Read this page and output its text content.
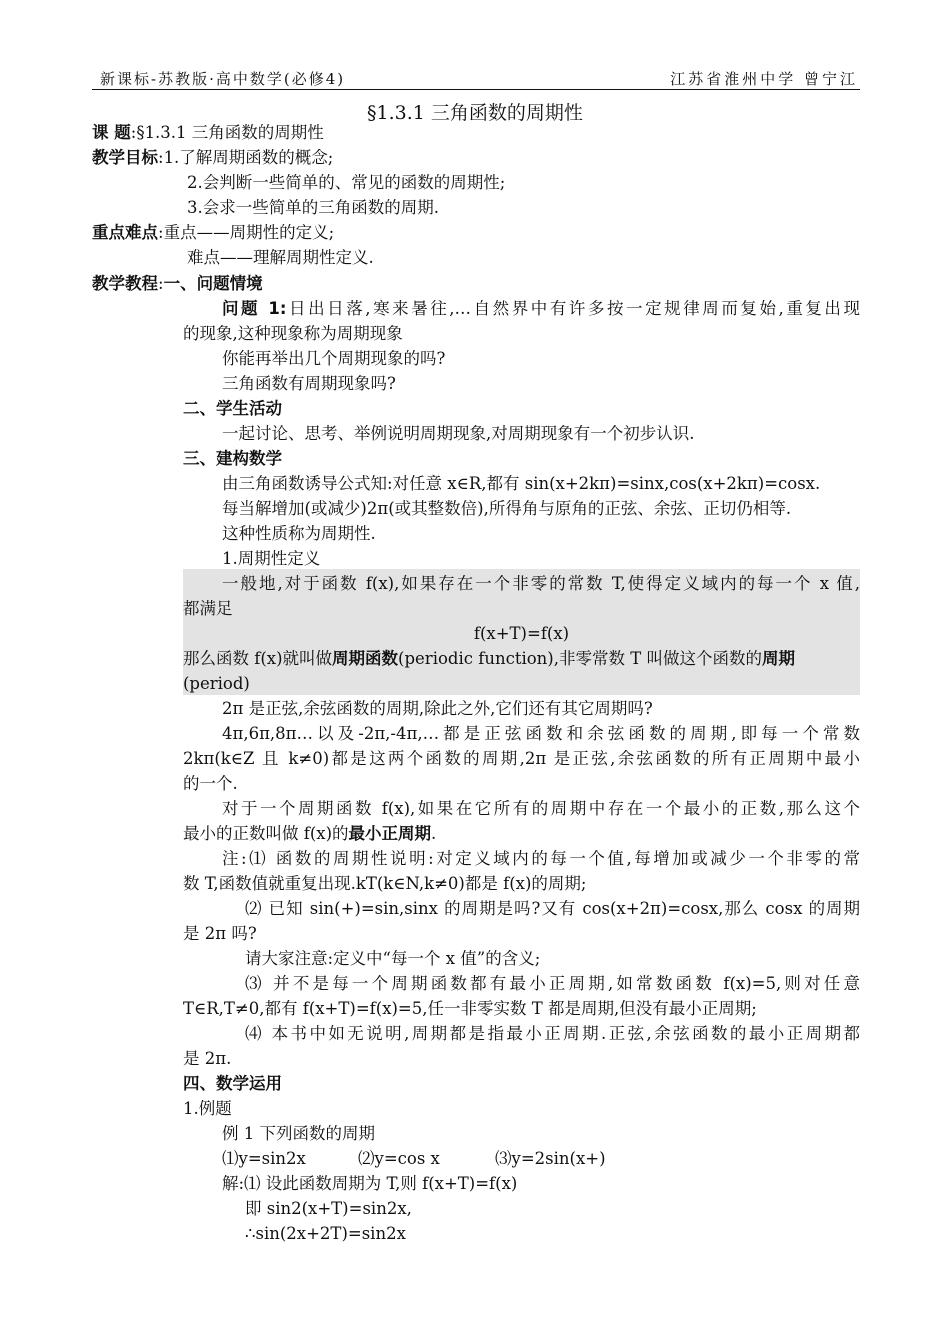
新课标-苏教版·高中数学(必修4)	江苏省淮州中学 曾宁江
§1.3.1 三角函数的周期性
课 题:§1.3.1 三角函数的周期性
教学目标:1.了解周期函数的概念;
2.会判断一些简单的、常见的函数的周期性;
3.会求一些简单的三角函数的周期.
重点难点:重点——周期性的定义;
难点——理解周期性定义.
教学教程:一、问题情境
问题 1:日出日落,寒来暑往,…自然界中有许多按一定规律周而复始,重复出现
的现象,这种现象称为周期现象
你能再举出几个周期现象的吗?
三角函数有周期现象吗?
二、学生活动
一起讨论、思考、举例说明周期现象,对周期现象有一个初步认识.
三、建构数学
由三角函数诱导公式知:对任意 x∈R,都有 sin(x+2kπ)=sinx,cos(x+2kπ)=cosx.
每当解增加(或减少)2π(或其整数倍),所得角与原角的正弦、余弦、正切仍相等.
这种性质称为周期性.
1.周期性定义
一般地,对于函数 f(x),如果存在一个非零的常数 T,使得定义域内的每一个 x 值,
都满足
f(x+T)=f(x)
那么函数 f(x)就叫做周期函数(periodic function),非零常数 T 叫做这个函数的周期
(period)
2π 是正弦,余弦函数的周期,除此之外,它们还有其它周期吗?
4π,6π,8π…以及-2π,-4π,…都是正弦函数和余弦函数的周期,即每一个常数
2kπ(k∈Z 且 k≠0)都是这两个函数的周期,2π 是正弦,余弦函数的所有正周期中最小
的一个.
对于一个周期函数 f(x),如果在它所有的周期中存在一个最小的正数,那么这个
最小的正数叫做 f(x)的最小正周期.
注:⑴ 函数的周期性说明:对定义域内的每一个值,每增加或减少一个非零的常
数 T,函数值就重复出现.kT(k∈N,k≠0)都是 f(x)的周期;
⑵ 已知 sin(+)=sin,sinx 的周期是吗?又有 cos(x+2π)=cosx,那么 cosx 的周期
是 2π 吗?
请大家注意:定义中“每一个 x 值”的含义;
⑶ 并不是每一个周期函数都有最小正周期,如常数函数 f(x)=5,则对任意
T∈R,T≠0,都有 f(x+T)=f(x)=5,任一非零实数 T 都是周期,但没有最小正周期;
⑷ 本书中如无说明,周期都是指最小正周期.正弦,余弦函数的最小正周期都
是 2π.
四、数学运用
1.例题
例 1 下列函数的周期
⑴y=sin2x	⑵y=cos x	⑶y=2sin(x+)
解:⑴ 设此函数周期为 T,则 f(x+T)=f(x)
即 sin2(x+T)=sin2x,
∴sin(2x+2T)=sin2x
